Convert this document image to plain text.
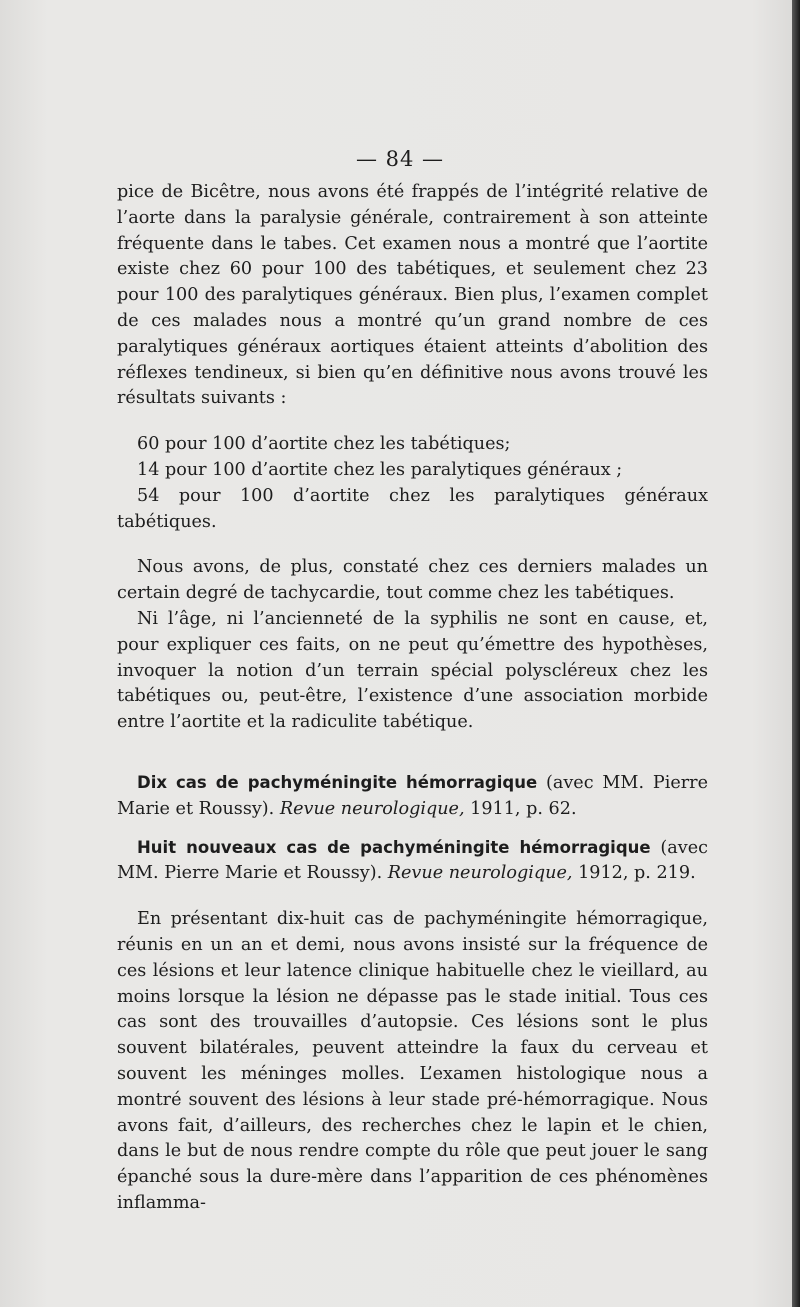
— 84 —

pice de Bicêtre, nous avons été frappés de l’intégrité relative de l’aorte dans la paralysie générale, contrairement à son atteinte fréquente dans le tabes. Cet examen nous a montré que l’aortite existe chez 60 pour 100 des tabétiques, et seulement chez 23 pour 100 des paralytiques généraux. Bien plus, l’examen complet de ces malades nous a montré qu’un grand nombre de ces paralytiques généraux aortiques étaient atteints d’abolition des réflexes tendineux, si bien qu’en définitive nous avons trouvé les résultats suivants :

60 pour 100 d’aortite chez les tabétiques;

14 pour 100 d’aortite chez les paralytiques généraux ;

54 pour 100 d’aortite chez les paralytiques généraux tabétiques.

Nous avons, de plus, constaté chez ces derniers malades un certain degré de tachycardie, tout comme chez les tabétiques.

Ni l’âge, ni l’ancienneté de la syphilis ne sont en cause, et, pour expliquer ces faits, on ne peut qu’émettre des hypothèses, invoquer la notion d’un terrain spécial polyscléreux chez les tabétiques ou, peut-être, l’existence d’une association morbide entre l’aortite et la radiculite tabétique.

Dix cas de pachyméningite hémorragique (avec MM. Pierre Marie et Roussy). Revue neurologique, 1911, p. 62.

Huit nouveaux cas de pachyméningite hémorragique (avec MM. Pierre Marie et Roussy). Revue neurologique, 1912, p. 219.

En présentant dix-huit cas de pachyméningite hémorragique, réunis en un an et demi, nous avons insisté sur la fréquence de ces lésions et leur latence clinique habituelle chez le vieillard, au moins lorsque la lésion ne dépasse pas le stade initial. Tous ces cas sont des trouvailles d’autopsie. Ces lésions sont le plus souvent bilatérales, peuvent atteindre la faux du cerveau et souvent les méninges molles. L’examen histologique nous a montré souvent des lésions à leur stade pré-hémorragique. Nous avons fait, d’ailleurs, des recherches chez le lapin et le chien, dans le but de nous rendre compte du rôle que peut jouer le sang épanché sous la dure-mère dans l’apparition de ces phénomènes inflamma-
